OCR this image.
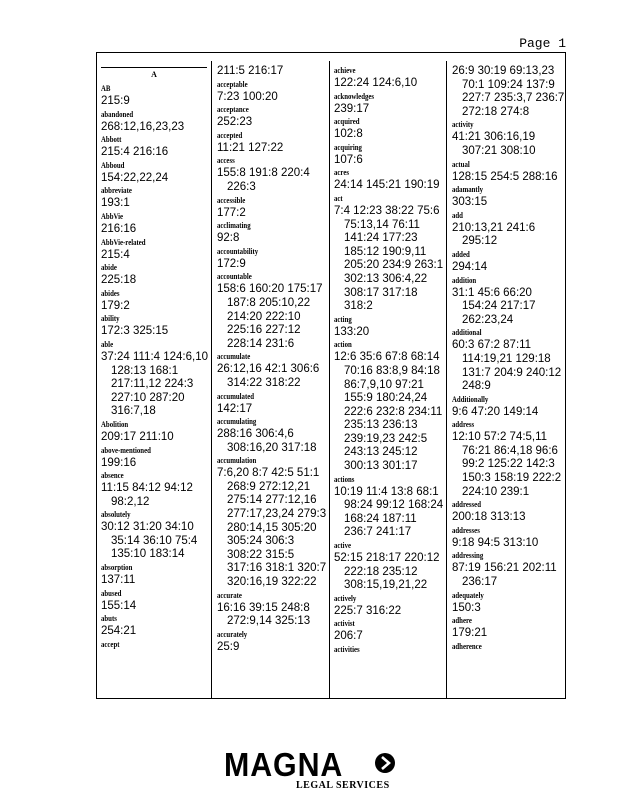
Page 1
A
AB
215:9
abandoned
268:12,16,23,23
Abbott
215:4 216:16
Abboud
154:22,22,24
abbreviate
193:1
AbbVie
216:16
AbbVie-related
215:4
abide
225:18
abides
179:2
ability
172:3 325:15
able
37:24 111:4 124:6,10
128:13 168:1
217:11,12 224:3
227:10 287:20
316:7,18
Abolition
209:17 211:10
above-mentioned
199:16
absence
11:15 84:12 94:12
98:2,12
absolutely
30:12 31:20 34:10
35:14 36:10 75:4
135:10 183:14
absorption
137:11
abused
155:14
abuts
254:21
accept
211:5 216:17
acceptable
7:23 100:20
acceptance
252:23
accepted
11:21 127:22
access
155:8 191:8 220:4
226:3
accessible
177:2
acclimating
92:8
accountability
172:9
accountable
158:6 160:20 175:17
187:8 205:10,22
214:20 222:10
225:16 227:12
228:14 231:6
accumulate
26:12,16 42:1 306:6
314:22 318:22
accumulated
142:17
accumulating
288:16 306:4,6
308:16,20 317:18
accumulation
7:6,20 8:7 42:5 51:1
268:9 272:12,21
275:14 277:12,16
277:17,23,24 279:3
280:14,15 305:20
305:24 306:3
308:22 315:5
317:16 318:1 320:7
320:16,19 322:22
accurate
16:16 39:15 248:8
272:9,14 325:13
accurately
25:9
achieve
122:24 124:6,10
acknowledges
239:17
acquired
102:8
acquiring
107:6
acres
24:14 145:21 190:19
act
7:4 12:23 38:22 75:6
75:13,14 76:11
141:24 177:23
185:12 190:9,11
205:20 234:9 263:1
302:13 306:4,22
308:17 317:18
318:2
acting
133:20
action
12:6 35:6 67:8 68:14
70:16 83:8,9 84:18
86:7,9,10 97:21
155:9 180:24,24
222:6 232:8 234:11
235:13 236:13
239:19,23 242:5
243:13 245:12
300:13 301:17
actions
10:19 11:4 13:8 68:1
98:24 99:12 168:24
168:24 187:11
236:7 241:17
active
52:15 218:17 220:12
222:18 235:12
308:15,19,21,22
actively
225:7 316:22
activist
206:7
activities
26:9 30:19 69:13,23
70:1 109:24 137:9
227:7 235:3,7 236:7
272:18 274:8
activity
41:21 306:16,19
307:21 308:10
actual
128:15 254:5 288:16
adamantly
303:15
add
210:13,21 241:6
295:12
added
294:14
addition
31:1 45:6 66:20
154:24 217:17
262:23,24
additional
60:3 67:2 87:11
114:19,21 129:18
131:7 204:9 240:12
248:9
Additionally
9:6 47:20 149:14
address
12:10 57:2 74:5,11
76:21 86:4,18 96:6
99:2 125:22 142:3
150:3 158:19 222:2
224:10 239:1
addressed
200:18 313:13
addresses
9:18 94:5 313:10
addressing
87:19 156:21 202:11
236:17
adequately
150:3
adhere
179:21
adherence
MAGNA
LEGAL SERVICES
